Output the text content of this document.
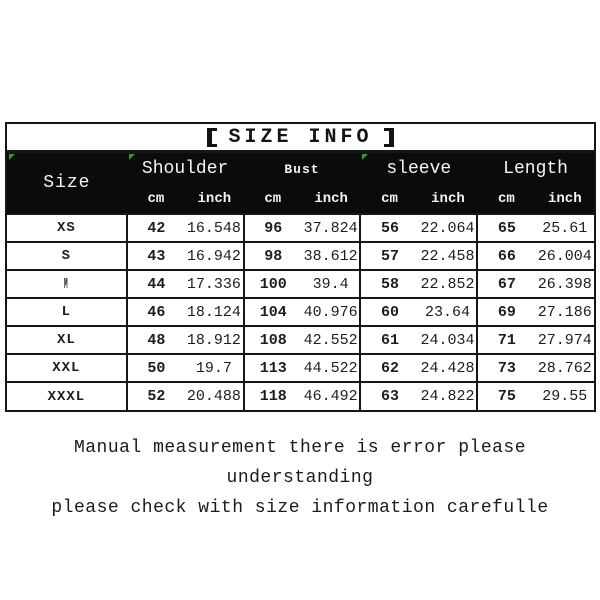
SIZE INFO
Size	Shoulder		Bust		sleeve		Length	
	cm	inch	cm	inch	cm	inch	cm	inch
XS	42	16.548	96	37.824	56	22.064	65	25.61
S	43	16.942	98	38.612	57	22.458	66	26.004
M	44	17.336	100	39.4	58	22.852	67	26.398
L	46	18.124	104	40.976	60	23.64	69	27.186
XL	48	18.912	108	42.552	61	24.034	71	27.974
XXL	50	19.7	113	44.522	62	24.428	73	28.762
XXXL	52	20.488	118	46.492	63	24.822	75	29.55
Manual measurement there is error please understanding
please check with size information carefulle
